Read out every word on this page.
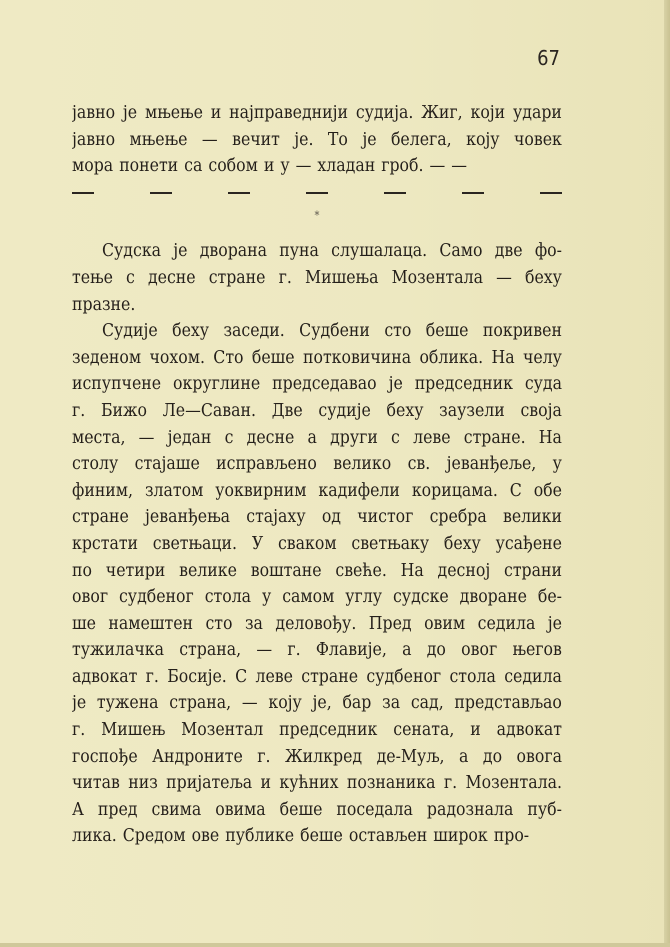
67
јавно је мњење и најправеднији судија. Жиг, који удари
јавно мњење — вечит је. То је белега, коју човек
мора понети са собом и у — хладан гроб. — —
*
Судска је дворана пуна слушалаца. Само две фо-
тење с десне стране г. Мишења Мозентала — беху
празне.
Судије беху заседи. Судбени сто беше покривен
зеденом чохом. Сто беше потковичина облика. На челу
испупчене округлине председавао је председник суда
г. Бижо Ле—Саван. Две судије беху заузели своја
места, — један с десне а други с леве стране. На
столу стајаше исправљено велико св. јеванђеље, у
финим, златом уоквирним кадифели корицама. С обе
стране јеванђења стајаху од чистог сребра велики
крстати светњаци. У сваком светњаку беху усађене
по четири велике воштане свеће. На десној страни
овог судбеног стола у самом углу судске дворане бе-
ше намештен сто за деловођу. Пред овим седила је
тужилачка страна, — г. Флавије, а до овог његов
адвокат г. Босије. С леве стране судбеног стола седила
је тужена страна, — коју је, бар за сад, представљао
г. Мишењ Мозентал председник сената, и адвокат
госпође Андроните г. Жилкред де-Муљ, а до овога
читав низ пријатеља и кућних познаника г. Мозентала.
А пред свима овима беше поседала радознала пуб-
лика. Средом ове публике беше остављен широк про-
